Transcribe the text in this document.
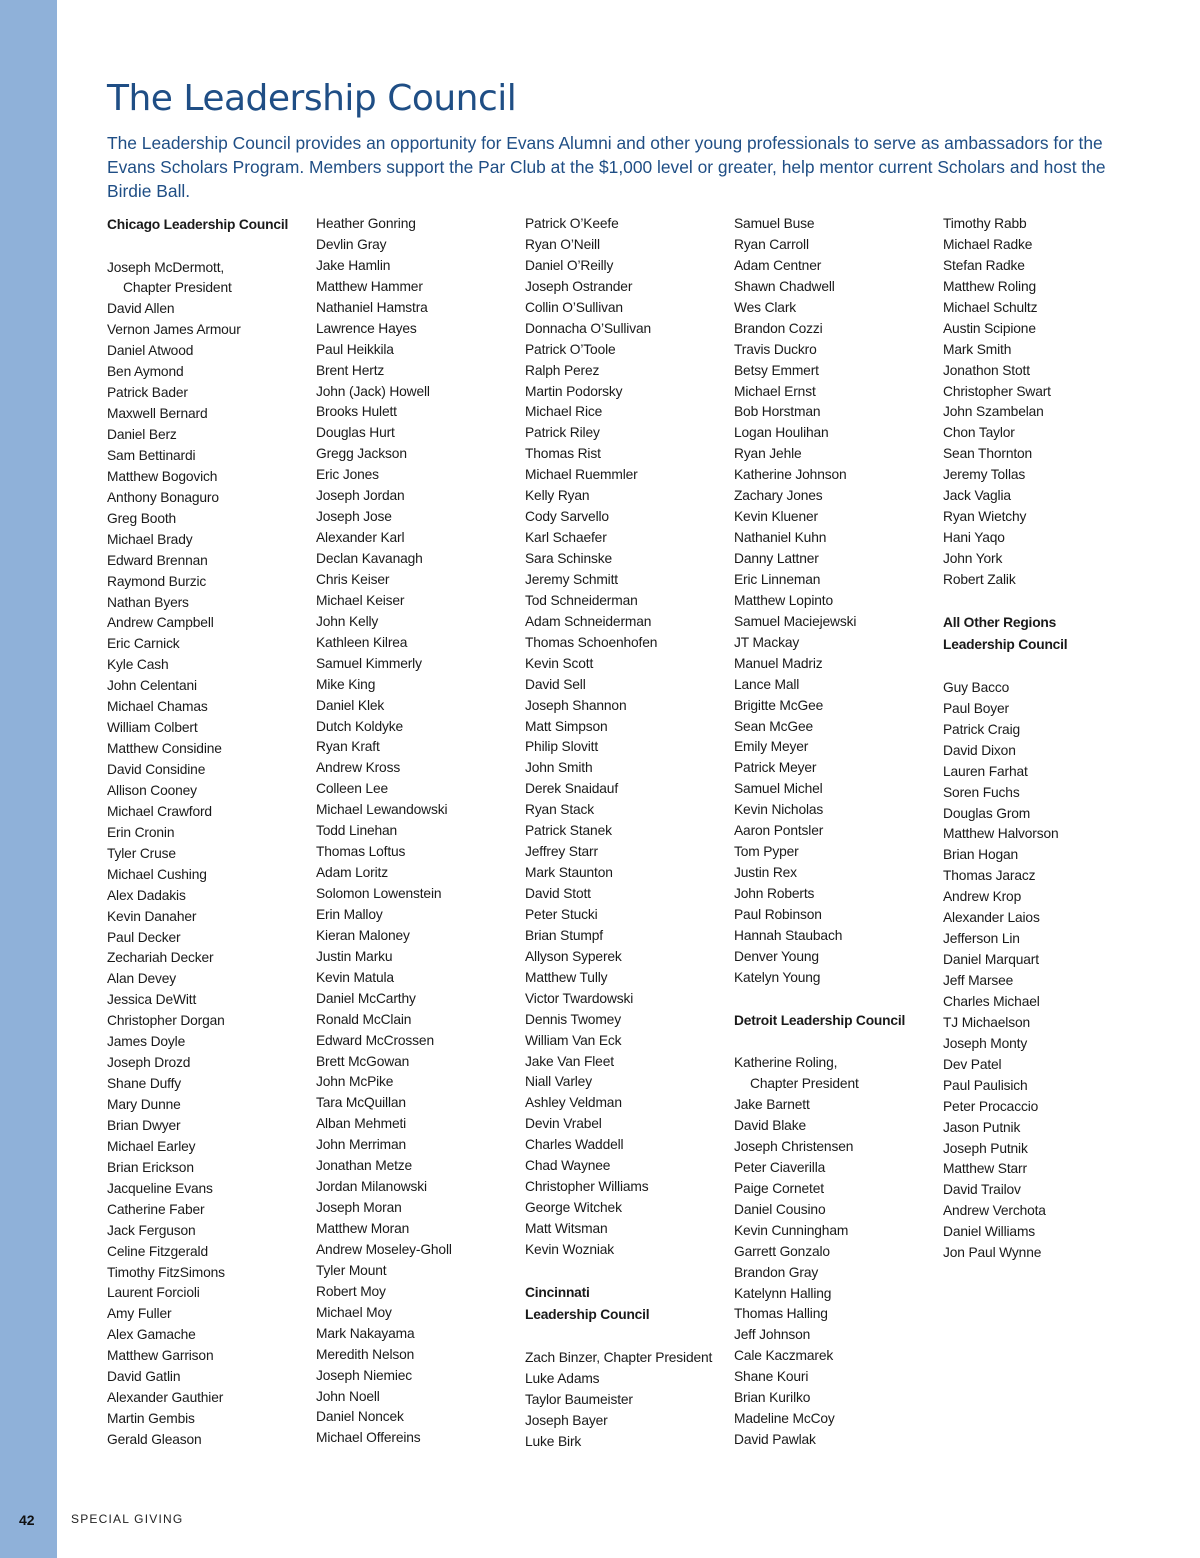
The Leadership Council

The Leadership Council provides an opportunity for Evans Alumni and other young professionals to serve as ambassadors for the Evans Scholars Program. Members support the Par Club at the $1,000 level or greater, help mentor current Scholars and host the Birdie Ball.

Chicago Leadership Council
Joseph McDermott,
Chapter President
David Allen
Vernon James Armour
Daniel Atwood
Ben Aymond
Patrick Bader
Maxwell Bernard
Daniel Berz
Sam Bettinardi
Matthew Bogovich
Anthony Bonaguro
Greg Booth
Michael Brady
Edward Brennan
Raymond Burzic
Nathan Byers
Andrew Campbell
Eric Carnick
Kyle Cash
John Celentani
Michael Chamas
William Colbert
Matthew Considine
David Considine
Allison Cooney
Michael Crawford
Erin Cronin
Tyler Cruse
Michael Cushing
Alex Dadakis
Kevin Danaher
Paul Decker
Zechariah Decker
Alan Devey
Jessica DeWitt
Christopher Dorgan
James Doyle
Joseph Drozd
Shane Duffy
Mary Dunne
Brian Dwyer
Michael Earley
Brian Erickson
Jacqueline Evans
Catherine Faber
Jack Ferguson
Celine Fitzgerald
Timothy FitzSimons
Laurent Forcioli
Amy Fuller
Alex Gamache
Matthew Garrison
David Gatlin
Alexander Gauthier
Martin Gembis
Gerald Gleason
Heather Gonring
Devlin Gray
Jake Hamlin
Matthew Hammer
Nathaniel Hamstra
Lawrence Hayes
Paul Heikkila
Brent Hertz
John (Jack) Howell
Brooks Hulett
Douglas Hurt
Gregg Jackson
Eric Jones
Joseph Jordan
Joseph Jose
Alexander Karl
Declan Kavanagh
Chris Keiser
Michael Keiser
John Kelly
Kathleen Kilrea
Samuel Kimmerly
Mike King
Daniel Klek
Dutch Koldyke
Ryan Kraft
Andrew Kross
Colleen Lee
Michael Lewandowski
Todd Linehan
Thomas Loftus
Adam Loritz
Solomon Lowenstein
Erin Malloy
Kieran Maloney
Justin Marku
Kevin Matula
Daniel McCarthy
Ronald McClain
Edward McCrossen
Brett McGowan
John McPike
Tara McQuillan
Alban Mehmeti
John Merriman
Jonathan Metze
Jordan Milanowski
Joseph Moran
Matthew Moran
Andrew Moseley-Gholl
Tyler Mount
Robert Moy
Michael Moy
Mark Nakayama
Meredith Nelson
Joseph Niemiec
John Noell
Daniel Noncek
Michael Offereins
Patrick O’Keefe
Ryan O’Neill
Daniel O’Reilly
Joseph Ostrander
Collin O’Sullivan
Donnacha O’Sullivan
Patrick O’Toole
Ralph Perez
Martin Podorsky
Michael Rice
Patrick Riley
Thomas Rist
Michael Ruemmler
Kelly Ryan
Cody Sarvello
Karl Schaefer
Sara Schinske
Jeremy Schmitt
Tod Schneiderman
Adam Schneiderman
Thomas Schoenhofen
Kevin Scott
David Sell
Joseph Shannon
Matt Simpson
Philip Slovitt
John Smith
Derek Snaidauf
Ryan Stack
Patrick Stanek
Jeffrey Starr
Mark Staunton
David Stott
Peter Stucki
Brian Stumpf
Allyson Syperek
Matthew Tully
Victor Twardowski
Dennis Twomey
William Van Eck
Jake Van Fleet
Niall Varley
Ashley Veldman
Devin Vrabel
Charles Waddell
Chad Waynee
Christopher Williams
George Witchek
Matt Witsman
Kevin Wozniak
Cincinnati
Leadership Council
Zach Binzer, Chapter President
Luke Adams
Taylor Baumeister
Joseph Bayer
Luke Birk
Samuel Buse
Ryan Carroll
Adam Centner
Shawn Chadwell
Wes Clark
Brandon Cozzi
Travis Duckro
Betsy Emmert
Michael Ernst
Bob Horstman
Logan Houlihan
Ryan Jehle
Katherine Johnson
Zachary Jones
Kevin Kluener
Nathaniel Kuhn
Danny Lattner
Eric Linneman
Matthew Lopinto
Samuel Maciejewski
JT Mackay
Manuel Madriz
Lance Mall
Brigitte McGee
Sean McGee
Emily Meyer
Patrick Meyer
Samuel Michel
Kevin Nicholas
Aaron Pontsler
Tom Pyper
Justin Rex
John Roberts
Paul Robinson
Hannah Staubach
Denver Young
Katelyn Young
Detroit Leadership Council
Katherine Roling,
Chapter President
Jake Barnett
David Blake
Joseph Christensen
Peter Ciaverilla
Paige Cornetet
Daniel Cousino
Kevin Cunningham
Garrett Gonzalo
Brandon Gray
Katelynn Halling
Thomas Halling
Jeff Johnson
Cale Kaczmarek
Shane Kouri
Brian Kurilko
Madeline McCoy
David Pawlak
Timothy Rabb
Michael Radke
Stefan Radke
Matthew Roling
Michael Schultz
Austin Scipione
Mark Smith
Jonathon Stott
Christopher Swart
John Szambelan
Chon Taylor
Sean Thornton
Jeremy Tollas
Jack Vaglia
Ryan Wietchy
Hani Yaqo
John York
Robert Zalik
All Other Regions
Leadership Council
Guy Bacco
Paul Boyer
Patrick Craig
David Dixon
Lauren Farhat
Soren Fuchs
Douglas Grom
Matthew Halvorson
Brian Hogan
Thomas Jaracz
Andrew Krop
Alexander Laios
Jefferson Lin
Daniel Marquart
Jeff Marsee
Charles Michael
TJ Michaelson
Joseph Monty
Dev Patel
Paul Paulisich
Peter Procaccio
Jason Putnik
Joseph Putnik
Matthew Starr
David Trailov
Andrew Verchota
Daniel Williams
Jon Paul Wynne
42	SPECIAL GIVING
